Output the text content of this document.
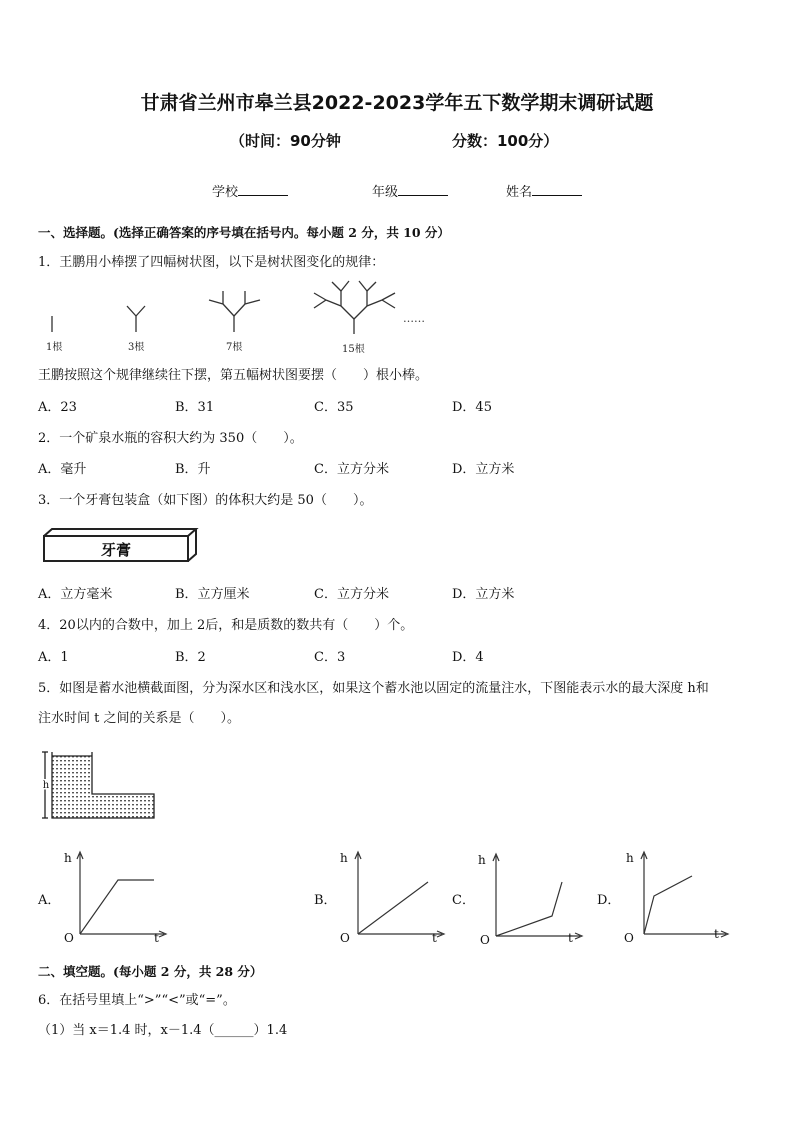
甘肃省兰州市皋兰县2022-2023学年五下数学期末调研试题
（时间：90分钟	分数：100分）
学校	年级	姓名
一、选择题。(选择正确答案的序号填在括号内。每小题 2 分，共 10 分）
1．王鹏用小棒摆了四幅树状图，以下是树状图变化的规律：
……
1根	3根	7根	15根
王鹏按照这个规律继续往下摆，第五幅树状图要摆（　　）根小棒。
A．23	B．31	C．35	D．45
2．一个矿泉水瓶的容积大约为 350（　　）。
A．毫升	B．升	C．立方分米	D．立方米
3．一个牙膏包装盒（如下图）的体积大约是 50（　　）。
牙膏
A．立方毫米	B．立方厘米	C．立方分米	D．立方米
4．20以内的合数中，加上 2后，和是质数的数共有（　　）个。
A．1	B．2	C．3	D．4
5．如图是蓄水池横截面图，分为深水区和浅水区，如果这个蓄水池以固定的流量注水，下图能表示水的最大深度 h和
注水时间 t 之间的关系是（　　）。
h
A．
h
t
O
B．
h
t
O
C．
h
t
O
D．
h
t
O
二、填空题。(每小题 2 分，共 28 分）
6．在括号里填上“>”“<”或“=”。
（1）当 x＝1.4 时，x－1.4（______）1.4
